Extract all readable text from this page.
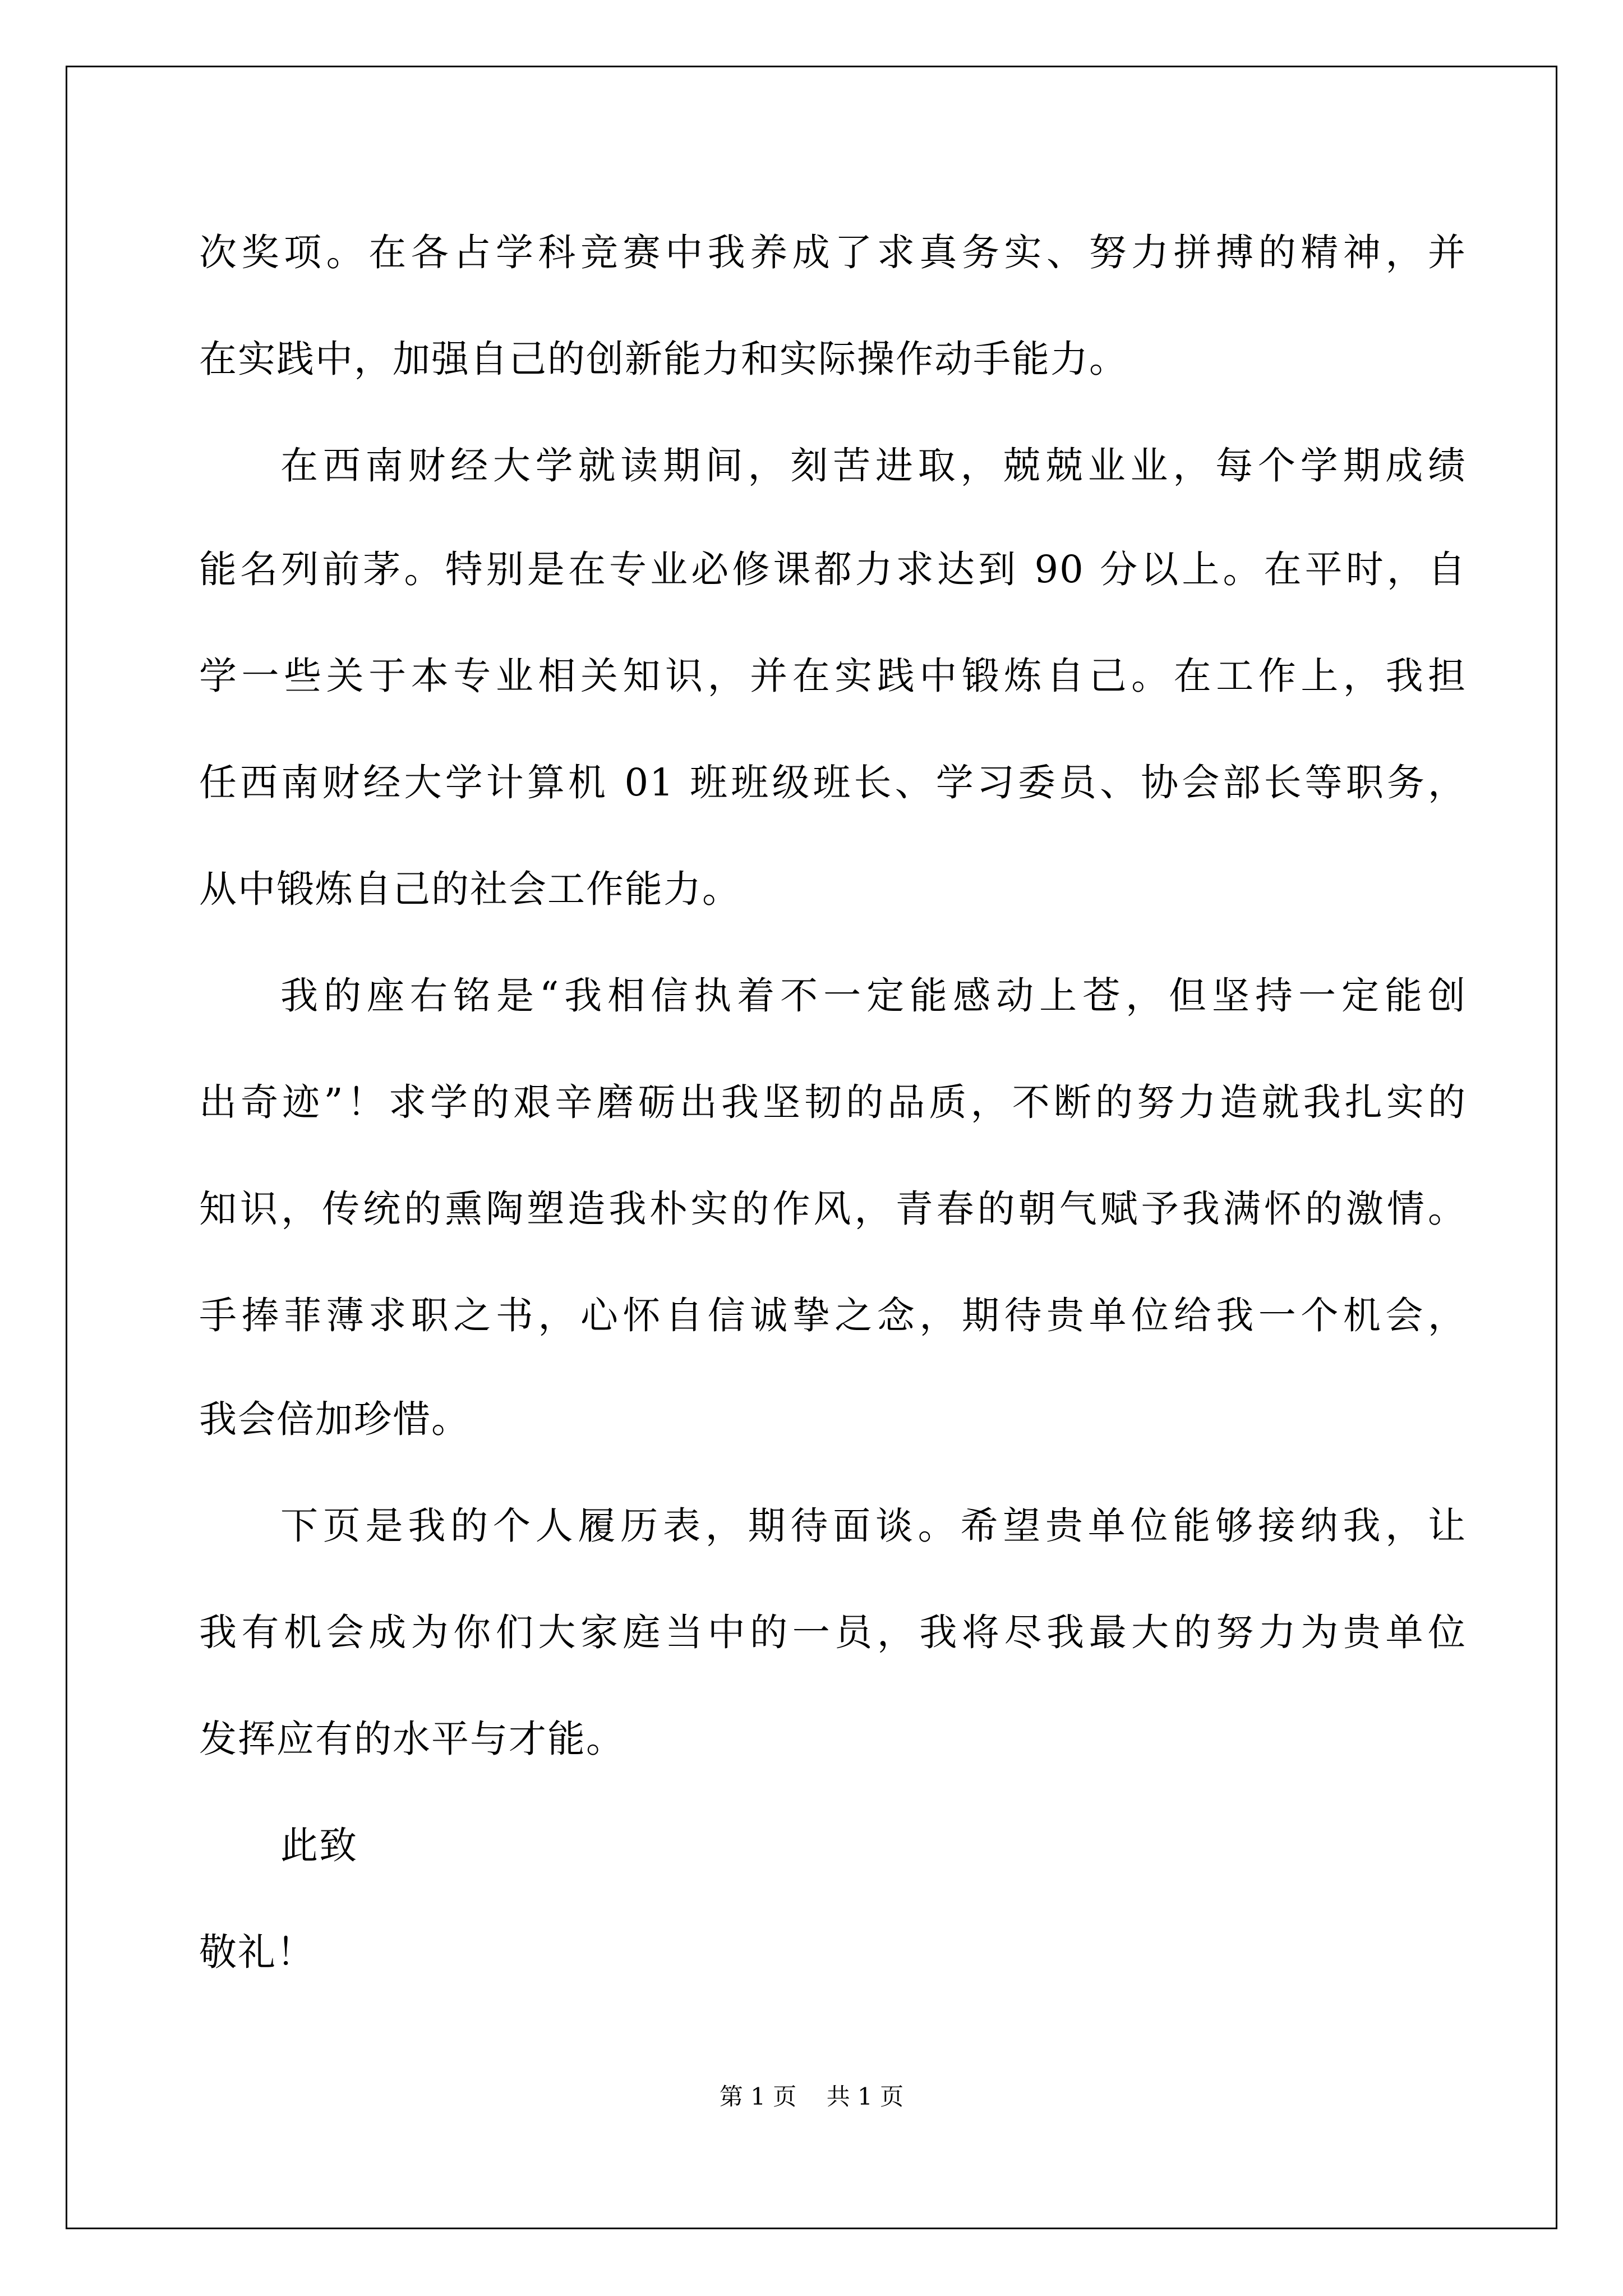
次奖项。在各占学科竞赛中我养成了求真务实、努力拼搏的精神，并
在实践中，加强自己的创新能力和实际操作动手能力。
在西南财经大学就读期间，刻苦进取，兢兢业业，每个学期成绩
能名列前茅。特别是在专业必修课都力求达到 90 分以上。在平时，自
学一些关于本专业相关知识，并在实践中锻炼自己。在工作上，我担
任西南财经大学计算机 01 班班级班长、学习委员、协会部长等职务，
从中锻炼自己的社会工作能力。
我的座右铭是“我相信执着不一定能感动上苍，但坚持一定能创
出奇迹”！求学的艰辛磨砺出我坚韧的品质，不断的努力造就我扎实的
知识，传统的熏陶塑造我朴实的作风，青春的朝气赋予我满怀的激情。
手捧菲薄求职之书，心怀自信诚挚之念，期待贵单位给我一个机会，
我会倍加珍惜。
下页是我的个人履历表，期待面谈。希望贵单位能够接纳我，让
我有机会成为你们大家庭当中的一员，我将尽我最大的努力为贵单位
发挥应有的水平与才能。
此致
敬礼！
第 1 页    共 1 页
